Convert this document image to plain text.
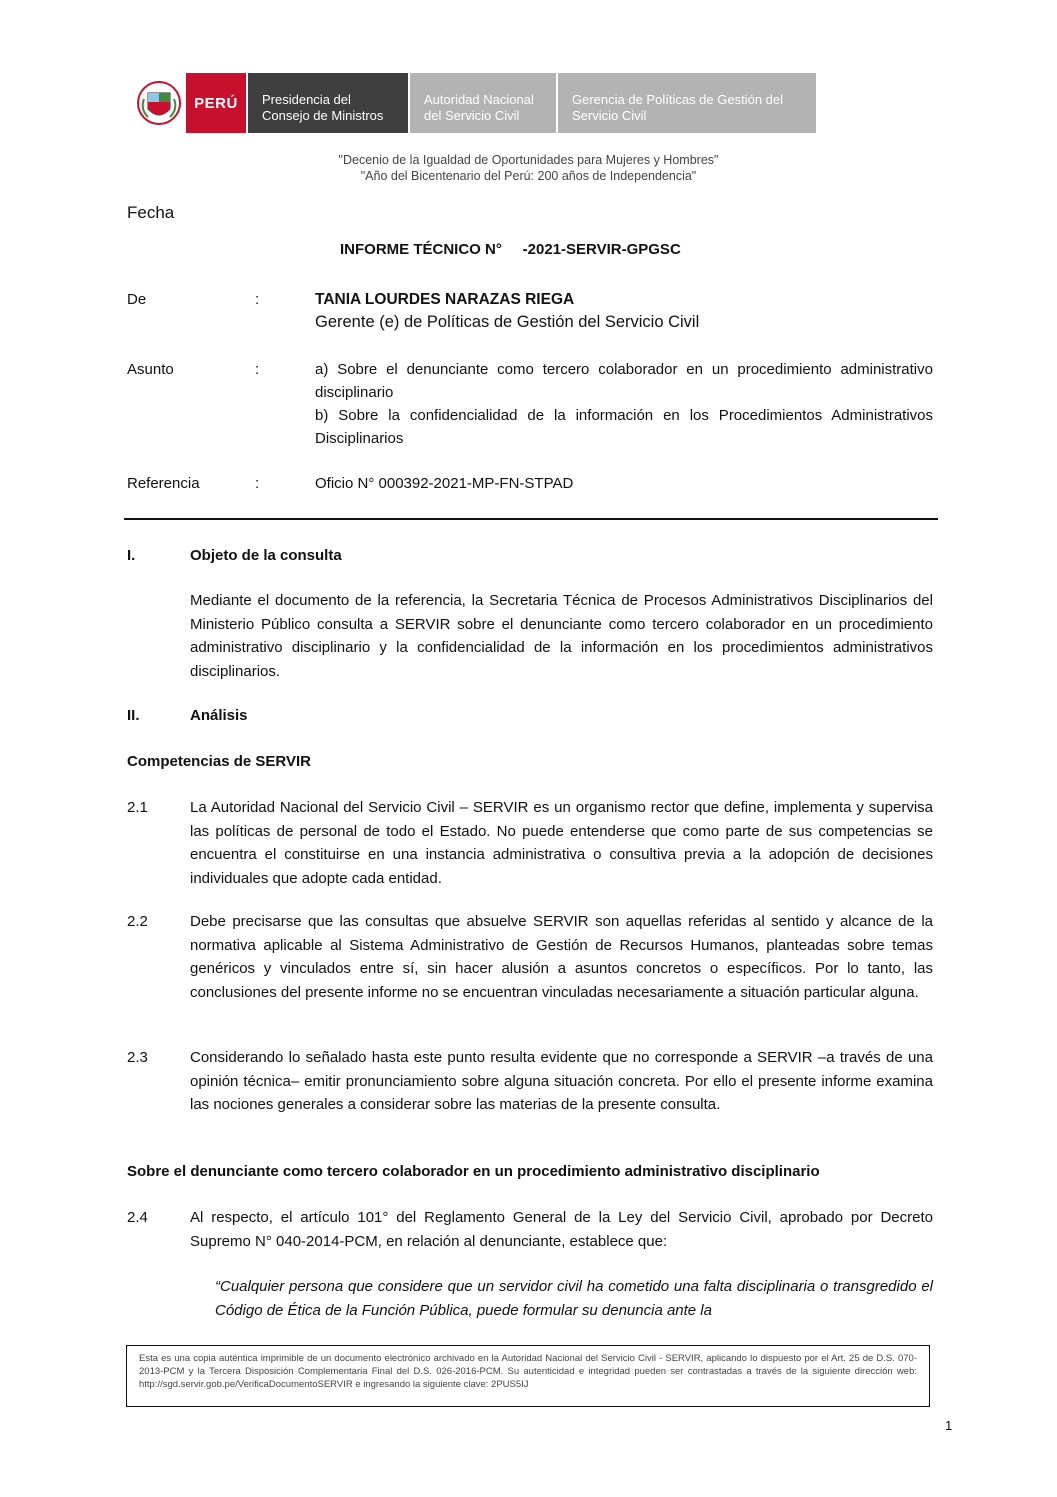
PERÚ	Presidencia del
Consejo de Ministros
Autoridad Nacional
del Servicio Civil
Gerencia de Políticas de Gestión del
Servicio Civil
"Decenio de la Igualdad de Oportunidades para Mujeres y Hombres"
"Año del Bicentenario del Perú: 200 años de Independencia"
Fecha
INFORME TÉCNICO N°     -2021-SERVIR-GPGSC
De	:	TANIA LOURDES NARAZAS RIEGA
Gerente (e) de Políticas de Gestión del Servicio Civil
Asunto	:	a) Sobre el denunciante como tercero colaborador en un procedimiento administrativo disciplinario
b) Sobre la confidencialidad de la información en los Procedimientos Administrativos Disciplinarios
Referencia	:	Oficio N° 000392-2021-MP-FN-STPAD
I.	Objeto de la consulta
Mediante el documento de la referencia, la Secretaria Técnica de Procesos Administrativos Disciplinarios del Ministerio Público consulta a SERVIR sobre el denunciante como tercero colaborador en un procedimiento administrativo disciplinario y la confidencialidad de la información en los procedimientos administrativos disciplinarios.
II.	Análisis
Competencias de SERVIR
2.1	La Autoridad Nacional del Servicio Civil – SERVIR es un organismo rector que define, implementa y supervisa las políticas de personal de todo el Estado. No puede entenderse que como parte de sus competencias se encuentra el constituirse en una instancia administrativa o consultiva previa a la adopción de decisiones individuales que adopte cada entidad.
2.2	Debe precisarse que las consultas que absuelve SERVIR son aquellas referidas al sentido y alcance de la normativa aplicable al Sistema Administrativo de Gestión de Recursos Humanos, planteadas sobre temas genéricos y vinculados entre sí, sin hacer alusión a asuntos concretos o específicos. Por lo tanto, las conclusiones del presente informe no se encuentran vinculadas necesariamente a situación particular alguna.
2.3	Considerando lo señalado hasta este punto resulta evidente que no corresponde a SERVIR –a través de una opinión técnica– emitir pronunciamiento sobre alguna situación concreta. Por ello el presente informe examina las nociones generales a considerar sobre las materias de la presente consulta.
Sobre el denunciante como tercero colaborador en un procedimiento administrativo disciplinario
2.4	Al respecto, el artículo 101° del Reglamento General de la Ley del Servicio Civil, aprobado por Decreto Supremo N° 040-2014-PCM, en relación al denunciante, establece que:
“Cualquier persona que considere que un servidor civil ha cometido una falta disciplinaria o transgredido el Código de Ética de la Función Pública, puede formular su denuncia ante la
Esta es una copia auténtica imprimible de un documento electrónico archivado en la Autoridad Nacional del Servicio Civil - SERVIR, aplicando lo dispuesto por el Art. 25 de D.S. 070-2013-PCM y la Tercera Disposición Complementaria Final del D.S. 026-2016-PCM. Su autenticidad e integridad pueden ser contrastadas a través de la siguiente dirección web: http://sgd.servir.gob.pe/VerificaDocumentoSERVIR e ingresando la siguiente clave: 2PUS5IJ
1
